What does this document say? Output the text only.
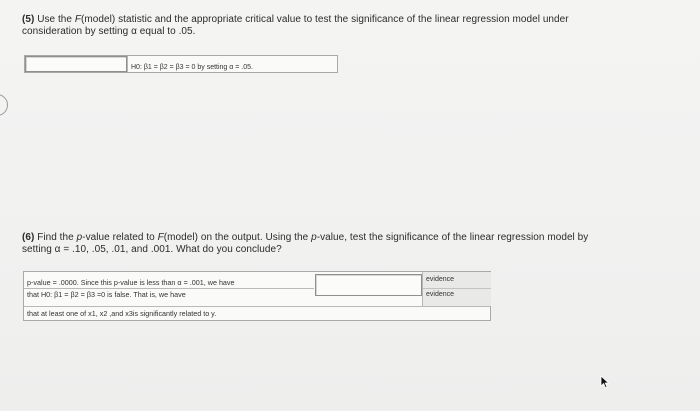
(5) Use the F(model) statistic and the appropriate critical value to test the significance of the linear regression model under
consideration by setting α equal to .05.
H0: β1 = β2 = β3 = 0 by setting α = .05.
(6) Find the p-value related to F(model) on the output. Using the p-value, test the significance of the linear regression model by
setting α = .10, .05, .01, and .001. What do you conclude?
p-value = .0000. Since this p-value is less than α = .001, we have
that H0: β1 = β2 = β3 =0 is false. That is, we have
that at least one of x1, x2 ,and x3is significantly related to y.
evidence
evidence
